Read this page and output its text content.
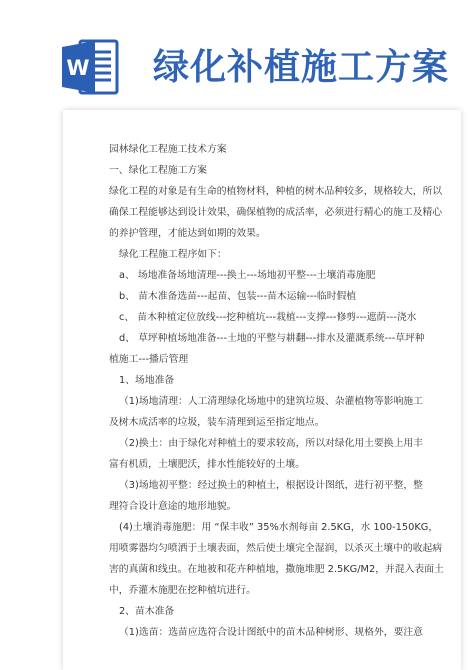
W 绿化补植施工方案
园林绿化工程施工技术方案
一、绿化工程施工方案
绿化工程的对象是有生命的植物材料，种植的树木品种较多，规格较大，所以
确保工程能够达到设计效果，确保植物的成活率，必须进行精心的施工及精心
的养护管理，才能达到如期的效果。
绿化工程施工程序如下：
a、 场地准备场地清理---换土---场地初平整---土壤消毒施肥
b、 苗木准备选苗---起苗、包装---苗木运输---临时假植
c、 苗木种植定位放线---挖种植坑---栽植---支撑---修剪---遮荫---浇水
d、 草坪种植场地准备---土地的平整与耕翻---排水及灌溉系统---草坪种
植施工---播后管理
1、场地准备
（1)场地清理：人工清理绿化场地中的建筑垃圾、杂灌植物等影响施工
及树木成活率的垃圾，装车清理到运至指定地点。
（2)换土：由于绿化对种植土的要求较高，所以对绿化用土要换上用丰
富有机质，土壤肥沃，排水性能较好的土壤。
（3)场地初平整：经过换土的种植土，根据设计图纸，进行初平整，整
理符合设计意途的地形地貌。
(4)土壤消毒施肥：用 “保丰收” 35%水剂每亩 2.5KG，水 100-150KG，
用喷雾器均匀喷洒于土壤表面，然后使土壤完全湿润，以杀灭土壤中的收起病
害的真菌和线虫。在地被和花卉种植地，撒施堆肥 2.5KG/M2，并混入表面土
中，乔灌木施肥在挖种植坑进行。
2、苗木准备
（1)选苗：选苗应选符合设计图纸中的苗木品种树形、规格外，要注意
